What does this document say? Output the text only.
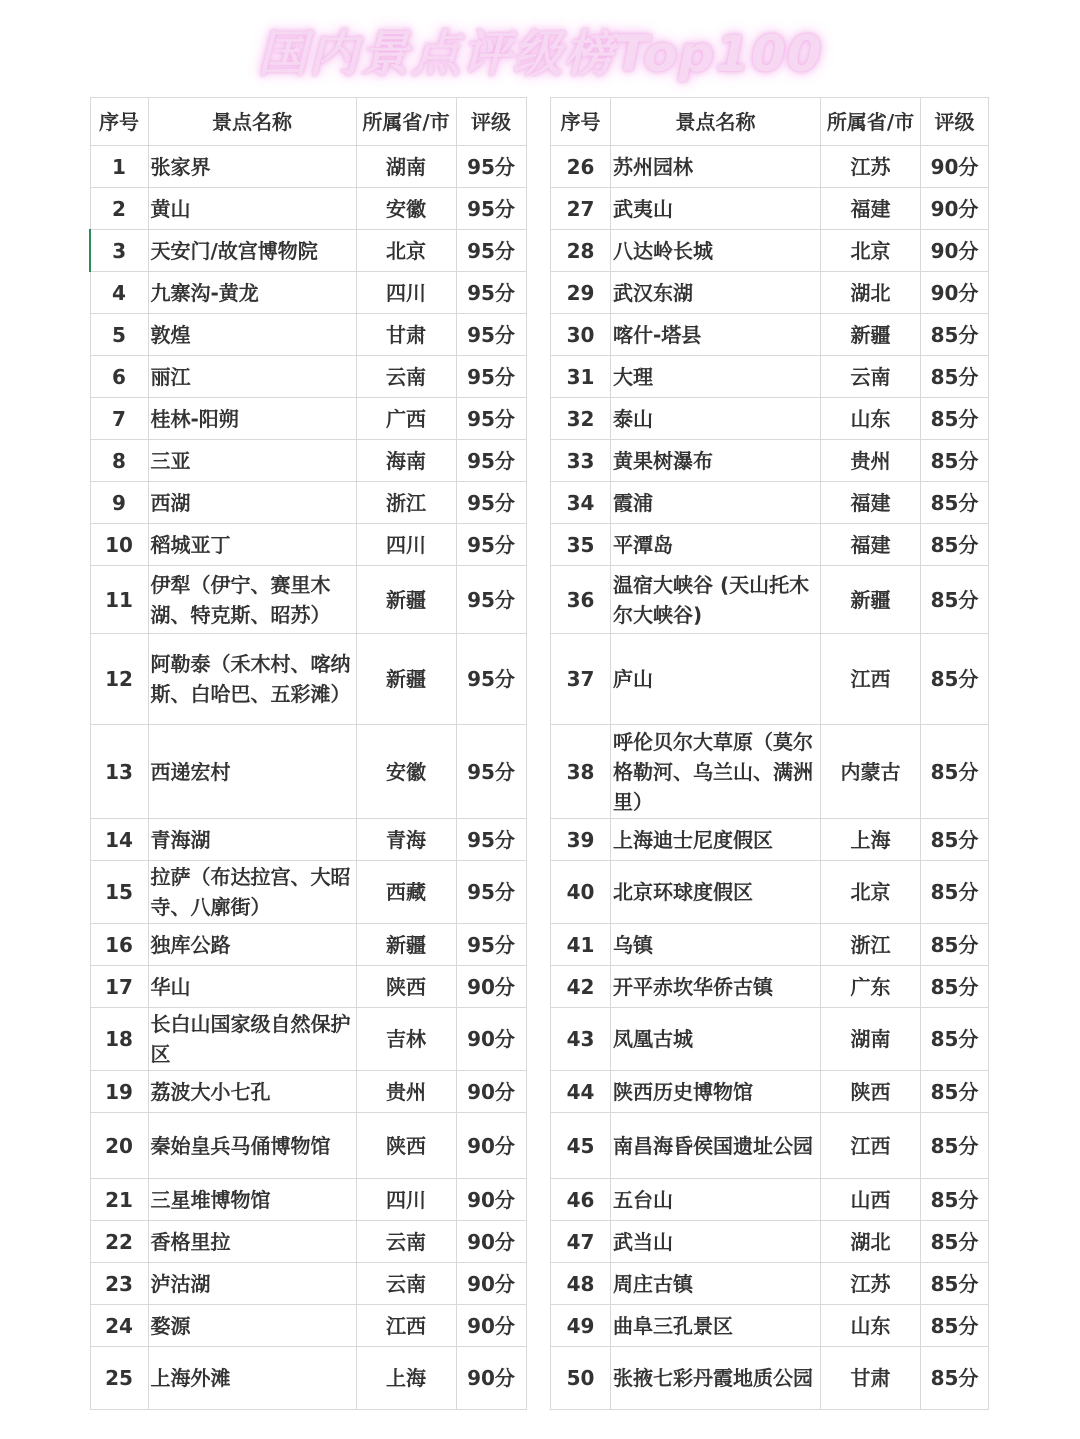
国内景点评级榜Top100
序号	景点名称	所属省/市	评级
1	张家界	湖南	95分
2	黄山	安徽	95分
3	天安门/故宫博物院	北京	95分
4	九寨沟-黄龙	四川	95分
5	敦煌	甘肃	95分
6	丽江	云南	95分
7	桂林-阳朔	广西	95分
8	三亚	海南	95分
9	西湖	浙江	95分
10	稻城亚丁	四川	95分
11	伊犁（伊宁、赛里木湖、特克斯、昭苏）	新疆	95分
12	阿勒泰（禾木村、喀纳斯、白哈巴、五彩滩）	新疆	95分
13	西递宏村	安徽	95分
14	青海湖	青海	95分
15	拉萨（布达拉宫、大昭寺、八廓街）	西藏	95分
16	独库公路	新疆	95分
17	华山	陕西	90分
18	长白山国家级自然保护区	吉林	90分
19	荔波大小七孔	贵州	90分
20	秦始皇兵马俑博物馆	陕西	90分
21	三星堆博物馆	四川	90分
22	香格里拉	云南	90分
23	泸沽湖	云南	90分
24	婺源	江西	90分
25	上海外滩	上海	90分
序号	景点名称	所属省/市	评级
26	苏州园林	江苏	90分
27	武夷山	福建	90分
28	八达岭长城	北京	90分
29	武汉东湖	湖北	90分
30	喀什-塔县	新疆	85分
31	大理	云南	85分
32	泰山	山东	85分
33	黄果树瀑布	贵州	85分
34	霞浦	福建	85分
35	平潭岛	福建	85分
36	温宿大峡谷 (天山托木尔大峡谷)	新疆	85分
37	庐山	江西	85分
38	呼伦贝尔大草原（莫尔格勒河、乌兰山、满洲里）	内蒙古	85分
39	上海迪士尼度假区	上海	85分
40	北京环球度假区	北京	85分
41	乌镇	浙江	85分
42	开平赤坎华侨古镇	广东	85分
43	凤凰古城	湖南	85分
44	陕西历史博物馆	陕西	85分
45	南昌海昏侯国遗址公园	江西	85分
46	五台山	山西	85分
47	武当山	湖北	85分
48	周庄古镇	江苏	85分
49	曲阜三孔景区	山东	85分
50	张掖七彩丹霞地质公园	甘肃	85分
